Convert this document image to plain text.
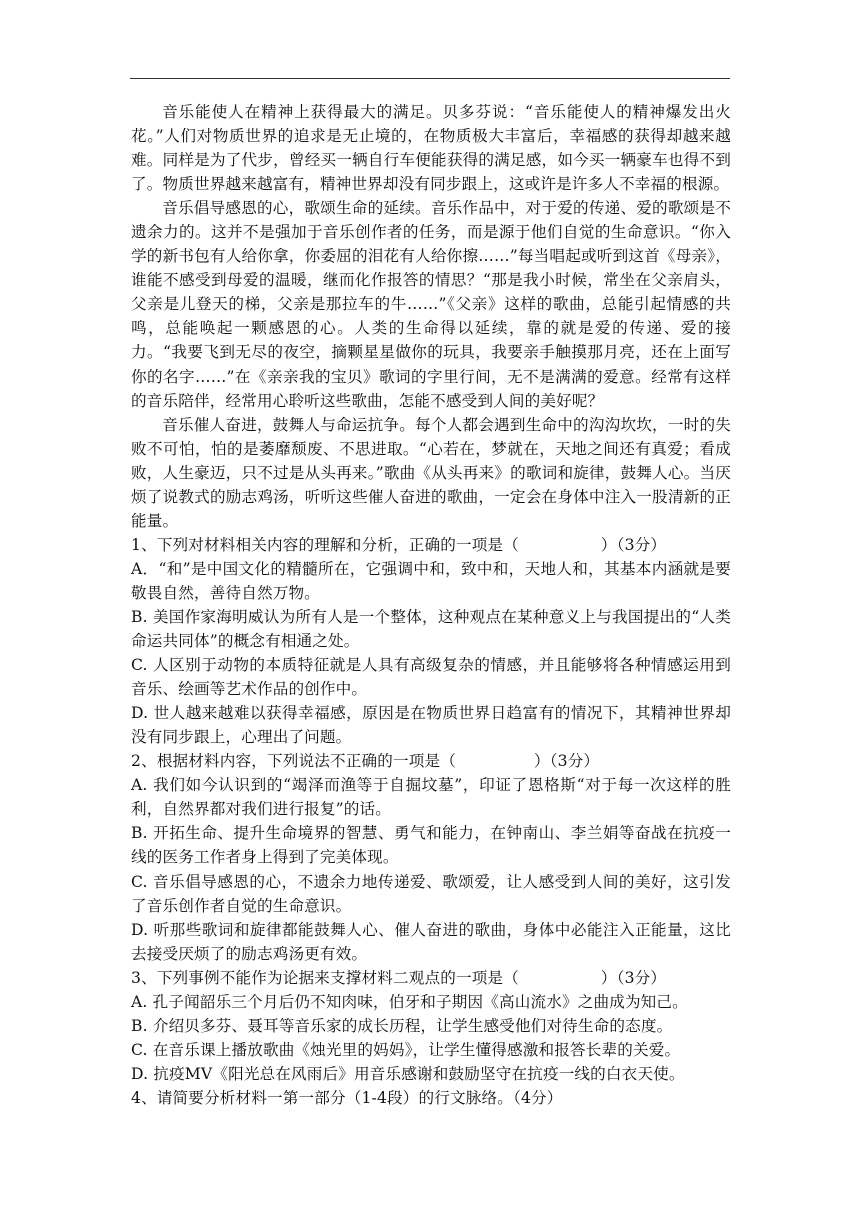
音乐能使人在精神上获得最大的满足。贝多芬说：“音乐能使人的精神爆发出火花。”人们对物质世界的追求是无止境的，在物质极大丰富后，幸福感的获得却越来越难。同样是为了代步，曾经买一辆自行车便能获得的满足感，如今买一辆豪车也得不到了。物质世界越来越富有，精神世界却没有同步跟上，这或许是许多人不幸福的根源。

音乐倡导感恩的心，歌颂生命的延续。音乐作品中，对于爱的传递、爱的歌颂是不遗余力的。这并不是强加于音乐创作者的任务，而是源于他们自觉的生命意识。“你入学的新书包有人给你拿，你委屈的泪花有人给你擦……”每当唱起或听到这首《母亲》，谁能不感受到母爱的温暖，继而化作报答的情思？“那是我小时候，常坐在父亲肩头，父亲是儿登天的梯，父亲是那拉车的牛……”《父亲》这样的歌曲，总能引起情感的共鸣，总能唤起一颗感恩的心。人类的生命得以延续，靠的就是爱的传递、爱的接力。“我要飞到无尽的夜空，摘颗星星做你的玩具，我要亲手触摸那月亮，还在上面写你的名字……”在《亲亲我的宝贝》歌词的字里行间，无不是满满的爱意。经常有这样的音乐陪伴，经常用心聆听这些歌曲，怎能不感受到人间的美好呢？

音乐催人奋进，鼓舞人与命运抗争。每个人都会遇到生命中的沟沟坎坎，一时的失败不可怕，怕的是萎靡颓废、不思进取。“心若在，梦就在，天地之间还有真爱；看成败，人生豪迈，只不过是从头再来。”歌曲《从头再来》的歌词和旋律，鼓舞人心。当厌烦了说教式的励志鸡汤，听听这些催人奋进的歌曲，一定会在身体中注入一股清新的正能量。

1、下列对材料相关内容的理解和分析，正确的一项是（	）（3分）

A．“和”是中国文化的精髓所在，它强调中和，致中和，天地人和，其基本内涵就是要敬畏自然，善待自然万物。

B. 美国作家海明威认为所有人是一个整体，这种观点在某种意义上与我国提出的“人类命运共同体”的概念有相通之处。

C. 人区别于动物的本质特征就是人具有高级复杂的情感，并且能够将各种情感运用到音乐、绘画等艺术作品的创作中。

D. 世人越来越难以获得幸福感，原因是在物质世界日趋富有的情况下，其精神世界却没有同步跟上，心理出了问题。

2、根据材料内容，下列说法不正确的一项是（	）（3分）

A. 我们如今认识到的“竭泽而渔等于自掘坟墓”，印证了恩格斯“对于每一次这样的胜利，自然界都对我们进行报复”的话。

B. 开拓生命、提升生命境界的智慧、勇气和能力，在钟南山、李兰娟等奋战在抗疫一线的医务工作者身上得到了完美体现。

C. 音乐倡导感恩的心，不遗余力地传递爱、歌颂爱，让人感受到人间的美好，这引发了音乐创作者自觉的生命意识。

D. 听那些歌词和旋律都能鼓舞人心、催人奋进的歌曲，身体中必能注入正能量，这比去接受厌烦了的励志鸡汤更有效。

3、下列事例不能作为论据来支撑材料二观点的一项是（	）（3分）

A. 孔子闻韶乐三个月后仍不知肉味，伯牙和子期因《高山流水》之曲成为知己。

B. 介绍贝多芬、聂耳等音乐家的成长历程，让学生感受他们对待生命的态度。

C. 在音乐课上播放歌曲《烛光里的妈妈》，让学生懂得感激和报答长辈的关爱。

D. 抗疫MV《阳光总在风雨后》用音乐感谢和鼓励坚守在抗疫一线的白衣天使。

4、请简要分析材料一第一部分（1-4段）的行文脉络。（4分）
